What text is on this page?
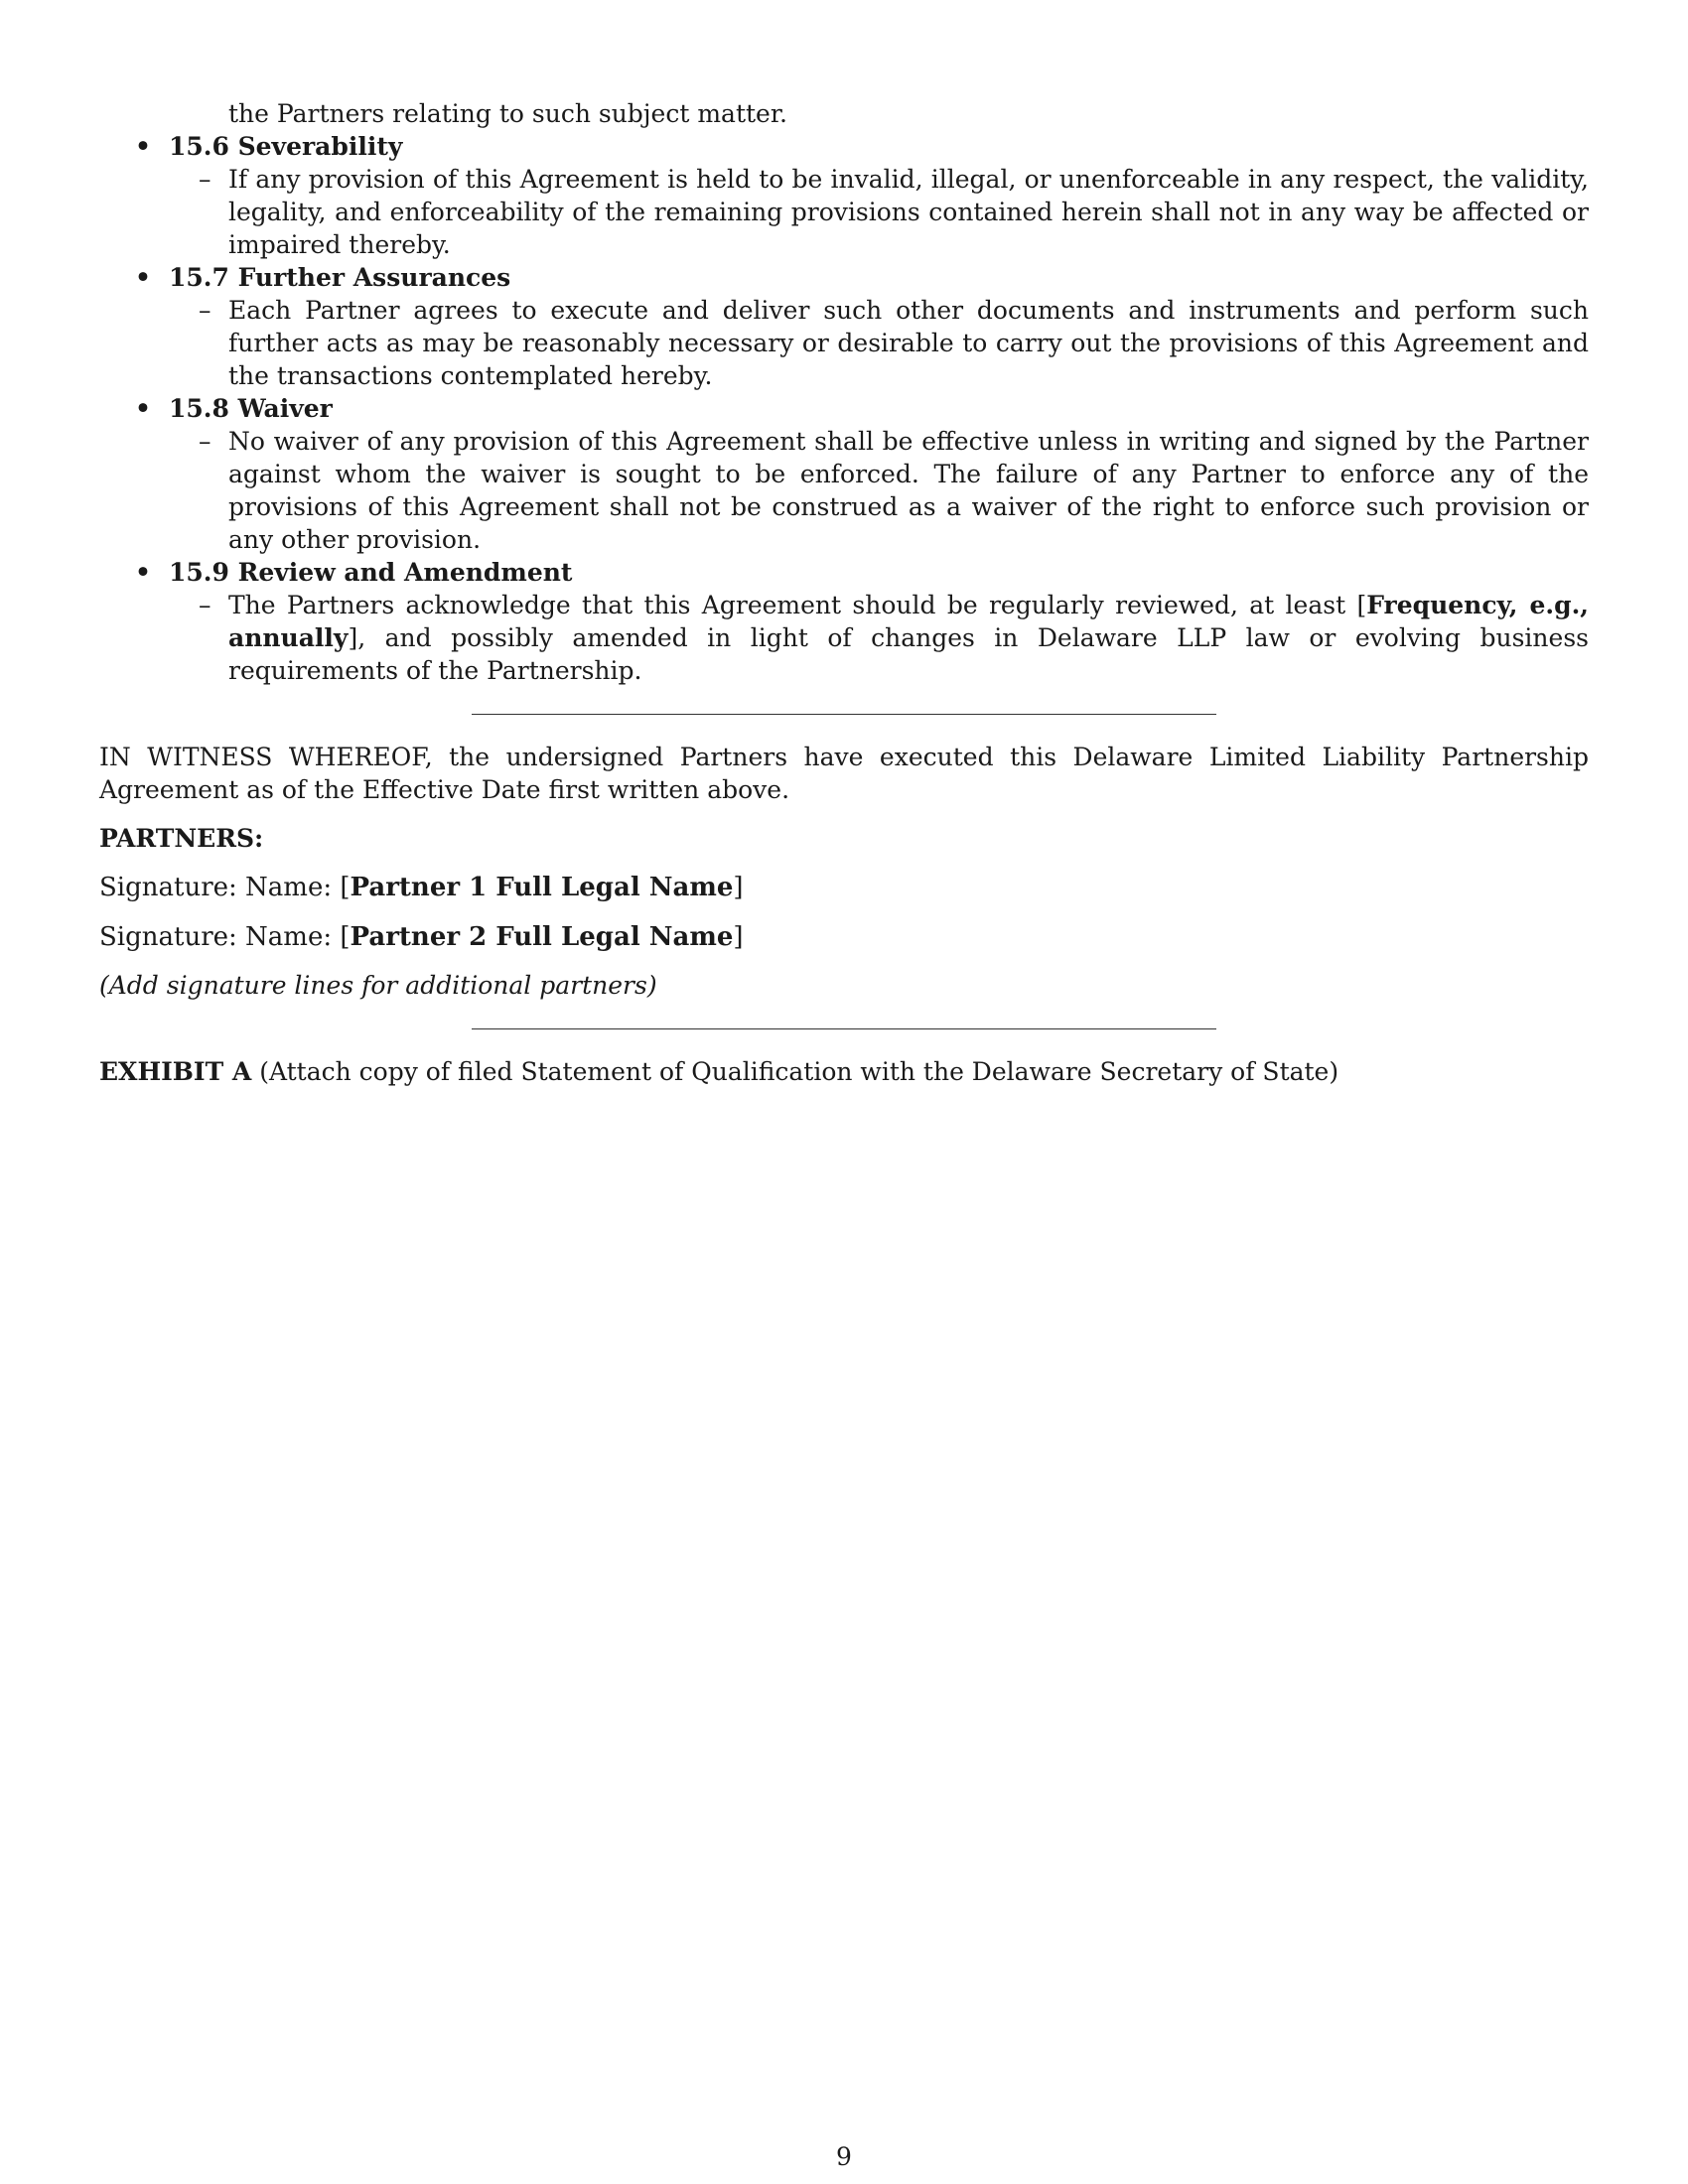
the Partners relating to such subject matter.

• 15.6 Severability
– If any provision of this Agreement is held to be invalid, illegal, or unenforceable in any respect, the validity, legality, and enforceability of the remaining provisions contained herein shall not in any way be affected or impaired thereby.
• 15.7 Further Assurances
– Each Partner agrees to execute and deliver such other documents and instruments and perform such further acts as may be reasonably necessary or desirable to carry out the provisions of this Agreement and the transactions contemplated hereby.
• 15.8 Waiver
– No waiver of any provision of this Agreement shall be effective unless in writing and signed by the Partner against whom the waiver is sought to be enforced. The failure of any Partner to enforce any of the provisions of this Agreement shall not be construed as a waiver of the right to enforce such provision or any other provision.
• 15.9 Review and Amendment
– The Partners acknowledge that this Agreement should be regularly reviewed, at least [Frequency, e.g., annually], and possibly amended in light of changes in Delaware LLP law or evolving business requirements of the Partnership.

IN WITNESS WHEREOF, the undersigned Partners have executed this Delaware Limited Liability Partnership Agreement as of the Effective Date first written above.

PARTNERS:

Signature: Name: [Partner 1 Full Legal Name]

Signature: Name: [Partner 2 Full Legal Name]

(Add signature lines for additional partners)

EXHIBIT A (Attach copy of filed Statement of Qualification with the Delaware Secretary of State)

9
